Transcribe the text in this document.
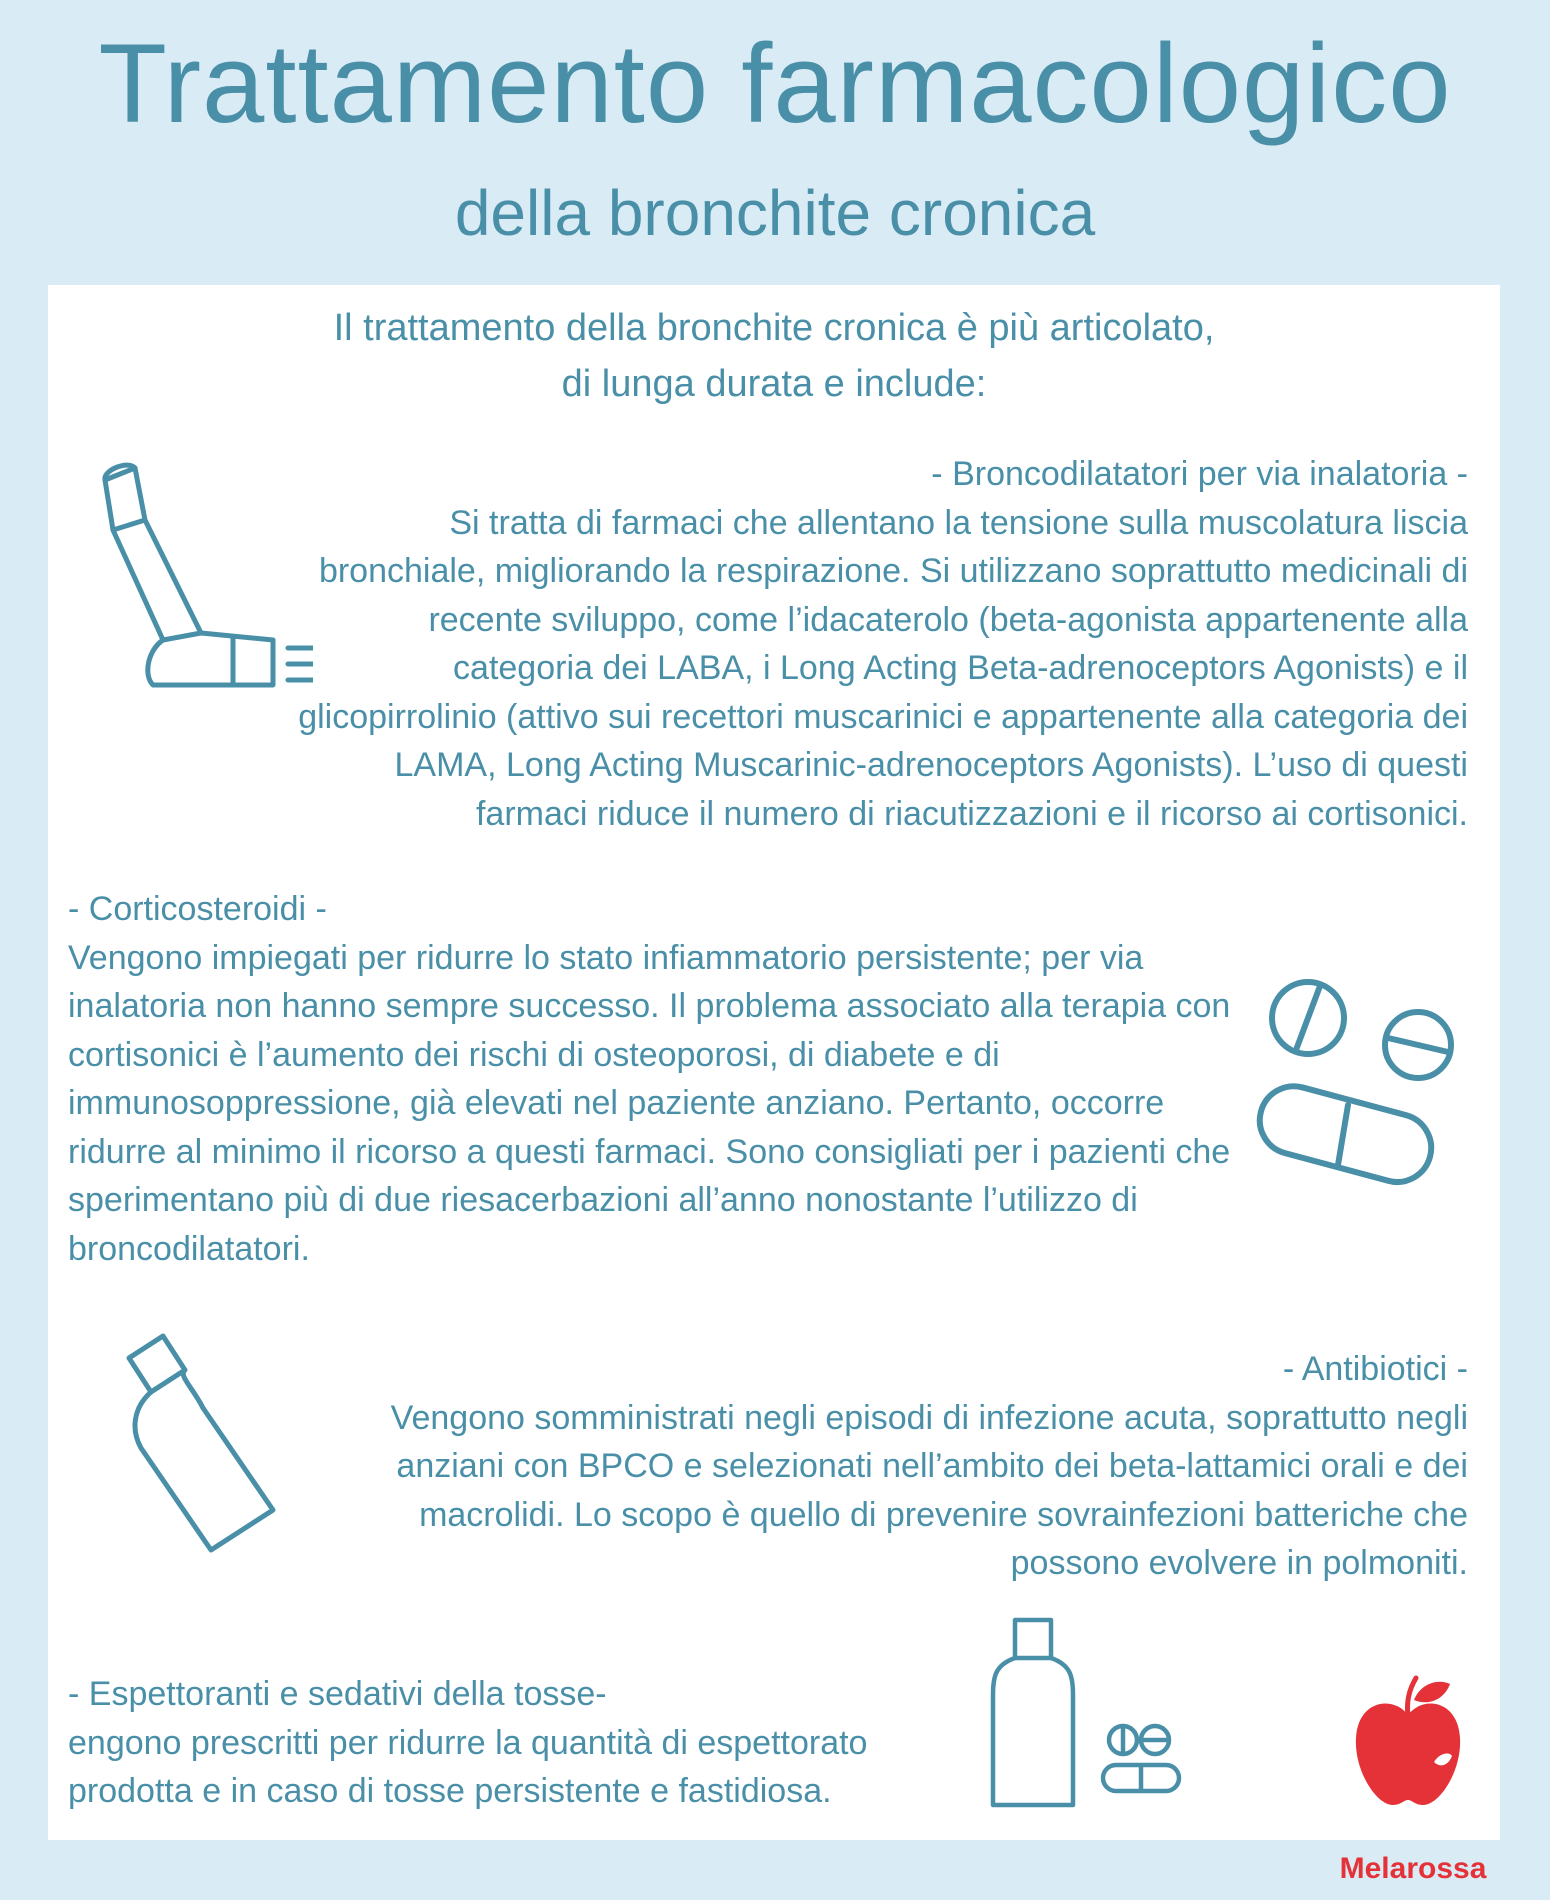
Trattamento farmacologico
della bronchite cronica
Il trattamento della bronchite cronica è più articolato,
di lunga durata e include:

- Broncodilatatori per via inalatoria -

Si tratta di farmaci che allentano la tensione sulla muscolatura liscia bronchiale, migliorando la respirazione. Si utilizzano soprattutto medicinali di recente sviluppo, come l’idacaterolo (beta-agonista appartenente alla categoria dei LABA, i Long Acting Beta-adrenoceptors Agonists) e il glicopirrolinio (attivo sui recettori muscarinici e appartenente alla categoria dei LAMA, Long Acting Muscarinic-adrenoceptors Agonists). L’uso di questi farmaci riduce il numero di riacutizzazioni e il ricorso ai cortisonici.

- Corticosteroidi -

Vengono impiegati per ridurre lo stato infiammatorio persistente; per via inalatoria non hanno sempre successo. Il problema associato alla terapia con cortisonici è l’aumento dei rischi di osteoporosi, di diabete e di immunosoppressione, già elevati nel paziente anziano. Pertanto, occorre ridurre al minimo il ricorso a questi farmaci. Sono consigliati per i pazienti che sperimentano più di due riesacerbazioni all’anno nonostante l’utilizzo di broncodilatatori.

- Antibiotici -

Vengono somministrati negli episodi di infezione acuta, soprattutto negli anziani con BPCO e selezionati nell’ambito dei beta-lattamici orali e dei macrolidi. Lo scopo è quello di prevenire sovrainfezioni batteriche che possono evolvere in polmoniti.

- Espettoranti e sedativi della tosse-

engono prescritti per ridurre la quantità di espettorato prodotta e in caso di tosse persistente e fastidiosa.

Melarossa
